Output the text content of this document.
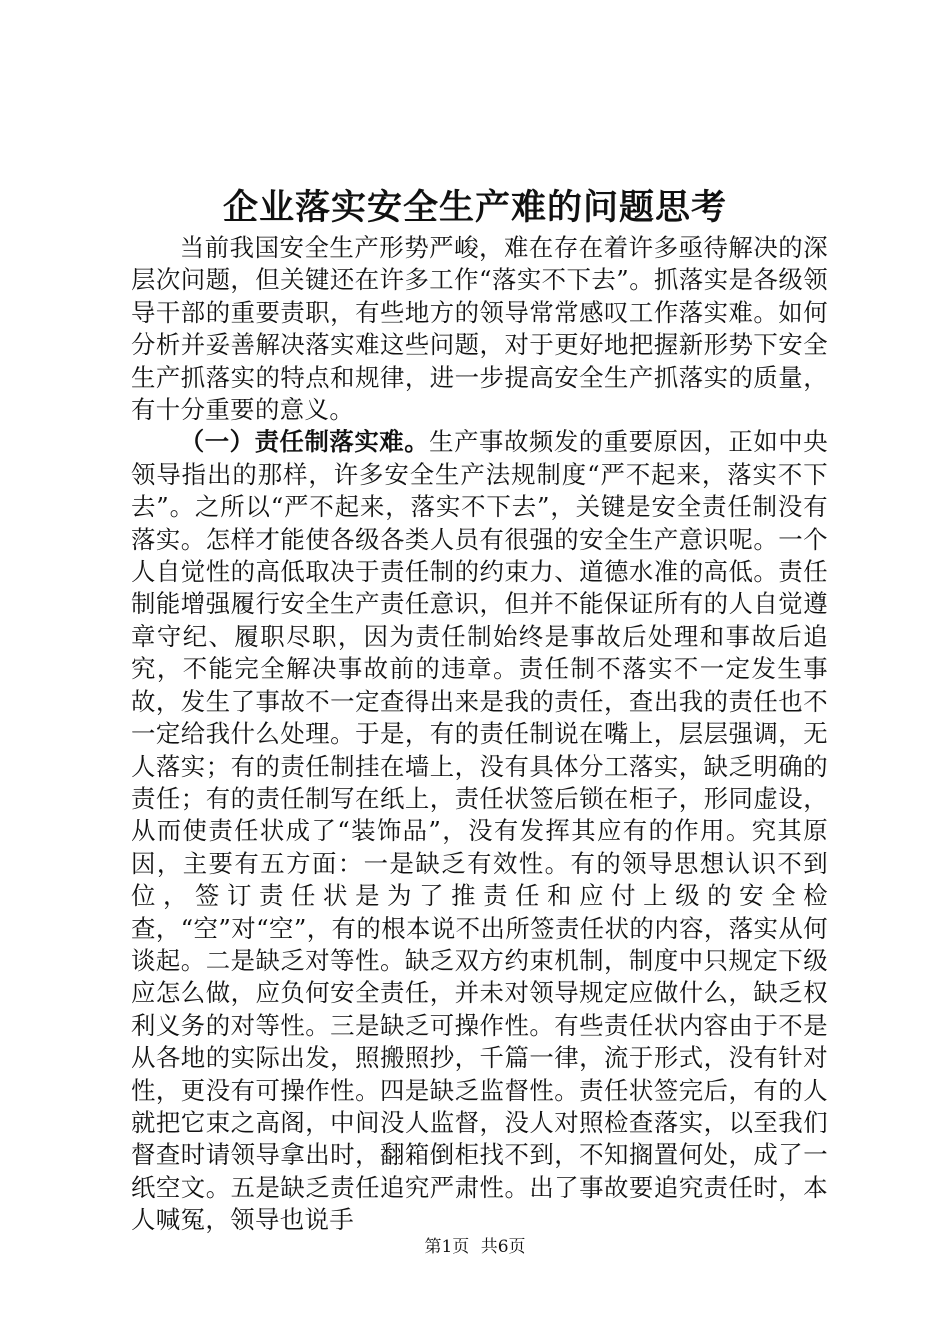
企业落实安全生产难的问题思考

当前我国安全生产形势严峻，难在存在着许多亟待解决的深层次问题，但关键还在许多工作“落实不下去”。抓落实是各级领导干部的重要责职，有些地方的领导常常感叹工作落实难。如何分析并妥善解决落实难这些问题，对于更好地把握新形势下安全生产抓落实的特点和规律，进一步提高安全生产抓落实的质量，有十分重要的意义。

（一）责任制落实难。生产事故频发的重要原因，正如中央领导指出的那样，许多安全生产法规制度“严不起来，落实不下去”。之所以“严不起来，落实不下去”，关键是安全责任制没有落实。怎样才能使各级各类人员有很强的安全生产意识呢。一个人自觉性的高低取决于责任制的约束力、道德水准的高低。责任制能增强履行安全生产责任意识，但并不能保证所有的人自觉遵章守纪、履职尽职，因为责任制始终是事故后处理和事故后追究，不能完全解决事故前的违章。责任制不落实不一定发生事故，发生了事故不一定查得出来是我的责任，查出我的责任也不一定给我什么处理。于是，有的责任制说在嘴上，层层强调，无人落实；有的责任制挂在墙上，没有具体分工落实，缺乏明确的责任；有的责任制写在纸上，责任状签后锁在柜子，形同虚设，从而使责任状成了“装饰品”，没有发挥其应有的作用。究其原因，主要有五方面：一是缺乏有效性。有的领导思想认识不到位，签订责任状是为了推责任和应付上级的安全检查，“空”对“空”，有的根本说不出所签责任状的内容，落实从何谈起。二是缺乏对等性。缺乏双方约束机制，制度中只规定下级应怎么做，应负何安全责任，并未对领导规定应做什么，缺乏权利义务的对等性。三是缺乏可操作性。有些责任状内容由于不是从各地的实际出发，照搬照抄，千篇一律，流于形式，没有针对性，更没有可操作性。四是缺乏监督性。责任状签完后，有的人就把它束之高阁，中间没人监督，没人对照检查落实，以至我们督查时请领导拿出时，翻箱倒柜找不到，不知搁置何处，成了一纸空文。五是缺乏责任追究严肃性。出了事故要追究责任时，本人喊冤，领导也说手

第1页 共6页
